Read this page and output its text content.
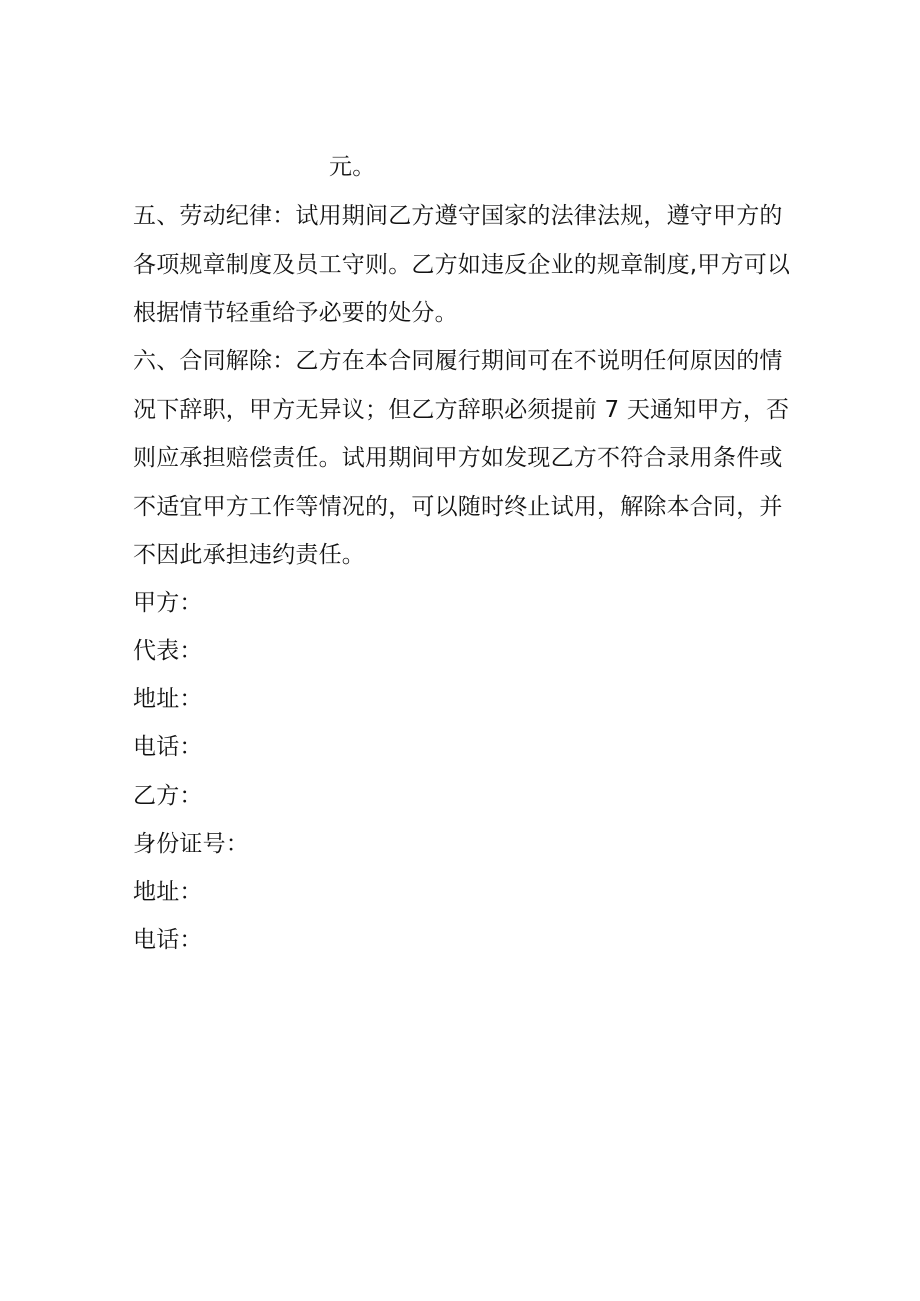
元。
五、劳动纪律：试用期间乙方遵守国家的法律法规，遵守甲方的
各项规章制度及员工守则。乙方如违反企业的规章制度,甲方可以
根据情节轻重给予必要的处分。
六、合同解除：乙方在本合同履行期间可在不说明任何原因的情
况下辞职，甲方无异议；但乙方辞职必须提前 7 天通知甲方，否
则应承担赔偿责任。试用期间甲方如发现乙方不符合录用条件或
不适宜甲方工作等情况的，可以随时终止试用，解除本合同，并
不因此承担违约责任。
甲方：
代表：
地址：
电话：
乙方：
身份证号：
地址：
电话：
